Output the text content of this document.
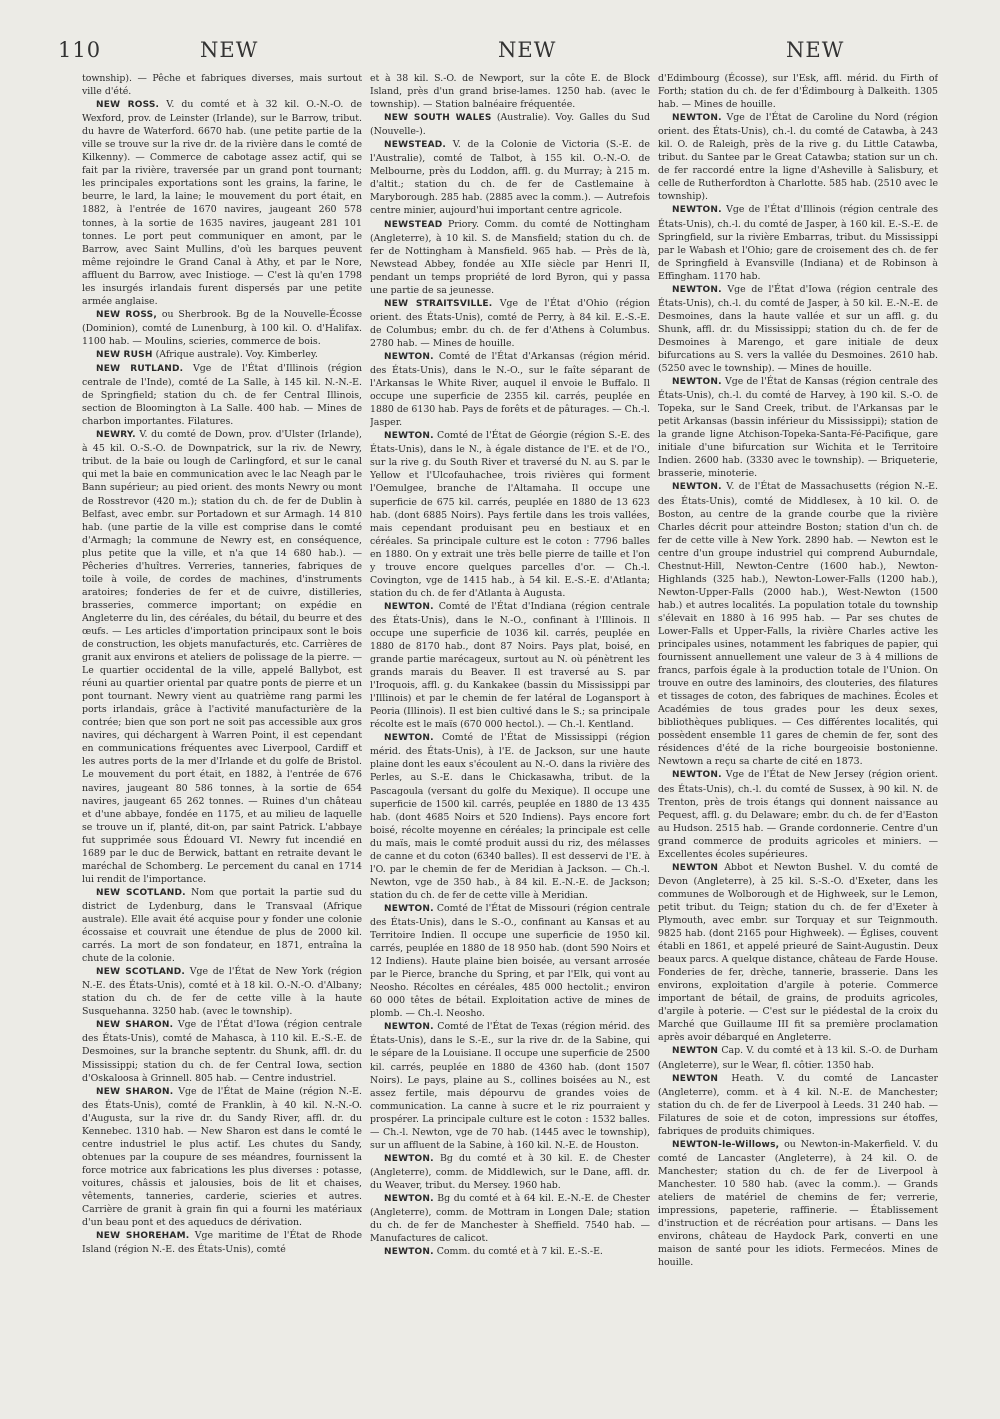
110	NEW	NEW	NEW

township). — Pêche et fabriques diverses, mais surtout ville d'été.

NEW ROSS. V. du comté et à 32 kil. O.-N.-O. de Wexford, prov. de Leinster (Irlande), sur le Barrow, tribut. du havre de Waterford. 6670 hab. (une petite partie de la ville se trouve sur la rive dr. de la rivière dans le comté de Kilkenny). — Commerce de cabotage assez actif, qui se fait par la rivière, traversée par un grand pont tournant; les principales exportations sont les grains, la farine, le beurre, le lard, la laine; le mouvement du port était, en 1882, à l'entrée de 1670 navires, jaugeant 260 578 tonnes, à la sortie de 1635 navires, jaugeant 281 101 tonnes. Le port peut communiquer en amont, par le Barrow, avec Saint Mullins, d'où les barques peuvent même rejoindre le Grand Canal à Athy, et par le Nore, affluent du Barrow, avec Inistioge. — C'est là qu'en 1798 les insurgés irlandais furent dispersés par une petite armée anglaise.

NEW ROSS, ou Sherbrook. Bg de la Nouvelle-Écosse (Dominion), comté de Lunenburg, à 100 kil. O. d'Halifax. 1100 hab. — Moulins, scieries, commerce de bois.

NEW RUSH (Afrique australe). Voy. Kimberley.

NEW RUTLAND. Vge de l'État d'Illinois (région centrale de l'Inde), comté de La Salle, à 145 kil. N.-N.-E. de Springfield; station du ch. de fer Central Illinois, section de Bloomington à La Salle. 400 hab. — Mines de charbon importantes. Filatures.

NEWRY. V. du comté de Down, prov. d'Ulster (Irlande), à 45 kil. O.-S.-O. de Downpatrick, sur la riv. de Newry, tribut. de la baie ou lough de Carlingford, et sur le canal qui met la baie en communication avec le lac Neagh par le Bann supérieur; au pied orient. des monts Newry ou mont de Rosstrevor (420 m.); station du ch. de fer de Dublin à Belfast, avec embr. sur Portadown et sur Armagh. 14 810 hab. (une partie de la ville est comprise dans le comté d'Armagh; la commune de Newry est, en conséquence, plus petite que la ville, et n'a que 14 680 hab.). — Pêcheries d'huîtres. Verreries, tanneries, fabriques de toile à voile, de cordes de machines, d'instruments aratoires; fonderies de fer et de cuivre, distilleries, brasseries, commerce important; on expédie en Angleterre du lin, des céréales, du bétail, du beurre et des œufs. — Les articles d'importation principaux sont le bois de construction, les objets manufacturés, etc. Carrières de granit aux environs et ateliers de polissage de la pierre. — Le quartier occidental de la ville, appelé Ballybot, est réuni au quartier oriental par quatre ponts de pierre et un pont tournant. Newry vient au quatrième rang parmi les ports irlandais, grâce à l'activité manufacturière de la contrée; bien que son port ne soit pas accessible aux gros navires, qui déchargent à Warren Point, il est cependant en communications fréquentes avec Liverpool, Cardiff et les autres ports de la mer d'Irlande et du golfe de Bristol. Le mouvement du port était, en 1882, à l'entrée de 676 navires, jaugeant 80 586 tonnes, à la sortie de 654 navires, jaugeant 65 262 tonnes. — Ruines d'un château et d'une abbaye, fondée en 1175, et au milieu de laquelle se trouve un if, planté, dit-on, par saint Patrick. L'abbaye fut supprimée sous Édouard VI. Newry fut incendié en 1689 par le duc de Berwick, battant en retraite devant le maréchal de Schomberg. Le percement du canal en 1714 lui rendit de l'importance.

NEW SCOTLAND. Nom que portait la partie sud du district de Lydenburg, dans le Transvaal (Afrique australe). Elle avait été acquise pour y fonder une colonie écossaise et couvrait une étendue de plus de 2000 kil. carrés. La mort de son fondateur, en 1871, entraîna la chute de la colonie.

NEW SCOTLAND. Vge de l'État de New York (région N.-E. des États-Unis), comté et à 18 kil. O.-N.-O. d'Albany; station du ch. de fer de cette ville à la haute Susquehanna. 3250 hab. (avec le township).

NEW SHARON. Vge de l'État d'Iowa (région centrale des États-Unis), comté de Mahasca, à 110 kil. E.-S.-E. de Desmoines, sur la branche septentr. du Shunk, affl. dr. du Mississippi; station du ch. de fer Central Iowa, section d'Oskaloosa à Grinnell. 805 hab. — Centre industriel.

NEW SHARON. Vge de l'État de Maine (région N.-E. des États-Unis), comté de Franklin, à 40 kil. N.-N.-O. d'Augusta, sur la rive dr. du Sandy River, affl. dr. du Kennebec. 1310 hab. — New Sharon est dans le comté le centre industriel le plus actif. Les chutes du Sandy, obtenues par la coupure de ses méandres, fournissent la force motrice aux fabrications les plus diverses : potasse, voitures, châssis et jalousies, bois de lit et chaises, vêtements, tanneries, carderie, scieries et autres. Carrière de granit à grain fin qui a fourni les matériaux d'un beau pont et des aqueducs de dérivation.

NEW SHOREHAM. Vge maritime de l'État de Rhode Island (région N.-E. des États-Unis), comté

et à 38 kil. S.-O. de Newport, sur la côte E. de Block Island, près d'un grand brise-lames. 1250 hab. (avec le township). — Station balnéaire fréquentée.

NEW SOUTH WALES (Australie). Voy. Galles du Sud (Nouvelle-).

NEWSTEAD. V. de la Colonie de Victoria (S.-E. de l'Australie), comté de Talbot, à 155 kil. O.-N.-O. de Melbourne, près du Loddon, affl. g. du Murray; à 215 m. d'altit.; station du ch. de fer de Castlemaine à Maryborough. 285 hab. (2885 avec la comm.). — Autrefois centre minier, aujourd'hui important centre agricole.

NEWSTEAD Priory. Comm. du comté de Nottingham (Angleterre), à 10 kil. S. de Mansfield; station du ch. de fer de Nottingham à Mansfield. 965 hab. — Près de là, Newstead Abbey, fondée au XIIe siècle par Henri II, pendant un temps propriété de lord Byron, qui y passa une partie de sa jeunesse.

NEW STRAITSVILLE. Vge de l'État d'Ohio (région orient. des États-Unis), comté de Perry, à 84 kil. E.-S.-E. de Columbus; embr. du ch. de fer d'Athens à Columbus. 2780 hab. — Mines de houille.

NEWTON. Comté de l'État d'Arkansas (région mérid. des États-Unis), dans le N.-O., sur le faîte séparant de l'Arkansas le White River, auquel il envoie le Buffalo. Il occupe une superficie de 2355 kil. carrés, peuplée en 1880 de 6130 hab. Pays de forêts et de pâturages. — Ch.-l. Jasper.

NEWTON. Comté de l'État de Géorgie (région S.-E. des États-Unis), dans le N., à égale distance de l'E. et de l'O., sur la rive g. du South River et traversé du N. au S. par le Yellow et l'Ulcofauhachee, trois rivières qui forment l'Oemulgee, branche de l'Altamaha. Il occupe une superficie de 675 kil. carrés, peuplée en 1880 de 13 623 hab. (dont 6885 Noirs). Pays fertile dans les trois vallées, mais cependant produisant peu en bestiaux et en céréales. Sa principale culture est le coton : 7796 balles en 1880. On y extrait une très belle pierre de taille et l'on y trouve encore quelques parcelles d'or. — Ch.-l. Covington, vge de 1415 hab., à 54 kil. E.-S.-E. d'Atlanta; station du ch. de fer d'Atlanta à Augusta.

NEWTON. Comté de l'État d'Indiana (région centrale des États-Unis), dans le N.-O., confinant à l'Illinois. Il occupe une superficie de 1036 kil. carrés, peuplée en 1880 de 8170 hab., dont 87 Noirs. Pays plat, boisé, en grande partie marécageux, surtout au N. où pénètrent les grands marais du Beaver. Il est traversé au S. par l'Iroquois, affl. g. du Kankakee (bassin du Mississippi par l'Illinois) et par le chemin de fer latéral de Logansport à Peoria (Illinois). Il est bien cultivé dans le S.; sa principale récolte est le maïs (670 000 hectol.). — Ch.-l. Kentland.

NEWTON. Comté de l'État de Mississippi (région mérid. des États-Unis), à l'E. de Jackson, sur une haute plaine dont les eaux s'écoulent au N.-O. dans la rivière des Perles, au S.-E. dans le Chickasawha, tribut. de la Pascagoula (versant du golfe du Mexique). Il occupe une superficie de 1500 kil. carrés, peuplée en 1880 de 13 435 hab. (dont 4685 Noirs et 520 Indiens). Pays encore fort boisé, récolte moyenne en céréales; la principale est celle du maïs, mais le comté produit aussi du riz, des mélasses de canne et du coton (6340 balles). Il est desservi de l'E. à l'O. par le chemin de fer de Meridian à Jackson. — Ch.-l. Newton, vge de 350 hab., à 84 kil. E.-N.-E. de Jackson; station du ch. de fer de cette ville à Meridian.

NEWTON. Comté de l'État de Missouri (région centrale des États-Unis), dans le S.-O., confinant au Kansas et au Territoire Indien. Il occupe une superficie de 1950 kil. carrés, peuplée en 1880 de 18 950 hab. (dont 590 Noirs et 12 Indiens). Haute plaine bien boisée, au versant arrosée par le Pierce, branche du Spring, et par l'Elk, qui vont au Neosho. Récoltes en céréales, 485 000 hectolit.; environ 60 000 têtes de bétail. Exploitation active de mines de plomb. — Ch.-l. Neosho.

NEWTON. Comté de l'État de Texas (région mérid. des États-Unis), dans le S.-E., sur la rive dr. de la Sabine, qui le sépare de la Louisiane. Il occupe une superficie de 2500 kil. carrés, peuplée en 1880 de 4360 hab. (dont 1507 Noirs). Le pays, plaine au S., collines boisées au N., est assez fertile, mais dépourvu de grandes voies de communication. La canne à sucre et le riz pourraient y prospérer. La principale culture est le coton : 1532 balles. — Ch.-l. Newton, vge de 70 hab. (1445 avec le township), sur un affluent de la Sabine, à 160 kil. N.-E. de Houston.

NEWTON. Bg du comté et à 30 kil. E. de Chester (Angleterre), comm. de Middlewich, sur le Dane, affl. dr. du Weaver, tribut. du Mersey. 1960 hab.

NEWTON. Bg du comté et à 64 kil. E.-N.-E. de Chester (Angleterre), comm. de Mottram in Longen Dale; station du ch. de fer de Manchester à Sheffield. 7540 hab. — Manufactures de calicot.

NEWTON. Comm. du comté et à 7 kil. E.-S.-E.

d'Edimbourg (Écosse), sur l'Esk, affl. mérid. du Firth of Forth; station du ch. de fer d'Édimbourg à Dalkeith. 1305 hab. — Mines de houille.

NEWTON. Vge de l'État de Caroline du Nord (région orient. des États-Unis), ch.-l. du comté de Catawba, à 243 kil. O. de Raleigh, près de la rive g. du Little Catawba, tribut. du Santee par le Great Catawba; station sur un ch. de fer raccordé entre la ligne d'Asheville à Salisbury, et celle de Rutherfordton à Charlotte. 585 hab. (2510 avec le township).

NEWTON. Vge de l'État d'Illinois (région centrale des États-Unis), ch.-l. du comté de Jasper, à 160 kil. E.-S.-E. de Springfield, sur la rivière Embarras, tribut. du Mississippi par le Wabash et l'Ohio; gare de croisement des ch. de fer de Springfield à Evansville (Indiana) et de Robinson à Effingham. 1170 hab.

NEWTON. Vge de l'État d'Iowa (région centrale des États-Unis), ch.-l. du comté de Jasper, à 50 kil. E.-N.-E. de Desmoines, dans la haute vallée et sur un affl. g. du Shunk, affl. dr. du Mississippi; station du ch. de fer de Desmoines à Marengo, et gare initiale de deux bifurcations au S. vers la vallée du Desmoines. 2610 hab. (5250 avec le township). — Mines de houille.

NEWTON. Vge de l'État de Kansas (région centrale des États-Unis), ch.-l. du comté de Harvey, à 190 kil. S.-O. de Topeka, sur le Sand Creek, tribut. de l'Arkansas par le petit Arkansas (bassin inférieur du Mississippi); station de la grande ligne Atchison-Topeka-Santa-Fé-Pacifique, gare initiale d'une bifurcation sur Wichita et le Territoire Indien. 2600 hab. (3330 avec le township). — Briqueterie, brasserie, minoterie.

NEWTON. V. de l'État de Massachusetts (région N.-E. des États-Unis), comté de Middlesex, à 10 kil. O. de Boston, au centre de la grande courbe que la rivière Charles décrit pour atteindre Boston; station d'un ch. de fer de cette ville à New York. 2890 hab. — Newton est le centre d'un groupe industriel qui comprend Auburndale, Chestnut-Hill, Newton-Centre (1600 hab.), Newton-Highlands (325 hab.), Newton-Lower-Falls (1200 hab.), Newton-Upper-Falls (2000 hab.), West-Newton (1500 hab.) et autres localités. La population totale du township s'élevait en 1880 à 16 995 hab. — Par ses chutes de Lower-Falls et Upper-Falls, la rivière Charles active les principales usines, notamment les fabriques de papier, qui fournissent annuellement une valeur de 3 à 4 millions de francs, parfois égale à la production totale de l'Union. On trouve en outre des laminoirs, des clouteries, des filatures et tissages de coton, des fabriques de machines. Écoles et Académies de tous grades pour les deux sexes, bibliothèques publiques. — Ces différentes localités, qui possèdent ensemble 11 gares de chemin de fer, sont des résidences d'été de la riche bourgeoisie bostonienne. Newtown a reçu sa charte de cité en 1873.

NEWTON. Vge de l'État de New Jersey (région orient. des États-Unis), ch.-l. du comté de Sussex, à 90 kil. N. de Trenton, près de trois étangs qui donnent naissance au Pequest, affl. g. du Delaware; embr. du ch. de fer d'Easton au Hudson. 2515 hab. — Grande cordonnerie. Centre d'un grand commerce de produits agricoles et miniers. — Excellentes écoles supérieures.

NEWTON Abbot et Newton Bushel. V. du comté de Devon (Angleterre), à 25 kil. S.-S.-O. d'Exeter, dans les communes de Wolborough et de Highweek, sur le Lemon, petit tribut. du Teign; station du ch. de fer d'Exeter à Plymouth, avec embr. sur Torquay et sur Teignmouth. 9825 hab. (dont 2165 pour Highweek). — Églises, couvent établi en 1861, et appelé prieuré de Saint-Augustin. Deux beaux parcs. A quelque distance, château de Farde House. Fonderies de fer, drèche, tannerie, brasserie. Dans les environs, exploitation d'argile à poterie. Commerce important de bétail, de grains, de produits agricoles, d'argile à poterie. — C'est sur le piédestal de la croix du Marché que Guillaume III fit sa première proclamation après avoir débarqué en Angleterre.

NEWTON Cap. V. du comté et à 13 kil. S.-O. de Durham (Angleterre), sur le Wear, fl. côtier. 1350 hab.

NEWTON Heath. V. du comté de Lancaster (Angleterre), comm. et à 4 kil. N.-E. de Manchester; station du ch. de fer de Liverpool à Leeds. 31 240 hab. — Filatures de soie et de coton, impressions sur étoffes, fabriques de produits chimiques.

NEWTON-le-Willows, ou Newton-in-Makerfield. V. du comté de Lancaster (Angleterre), à 24 kil. O. de Manchester; station du ch. de fer de Liverpool à Manchester. 10 580 hab. (avec la comm.). — Grands ateliers de matériel de chemins de fer; verrerie, impressions, papeterie, raffinerie. — Établissement d'instruction et de récréation pour artisans. — Dans les environs, château de Haydock Park, converti en une maison de santé pour les idiots. Fermecéos. Mines de houille.
